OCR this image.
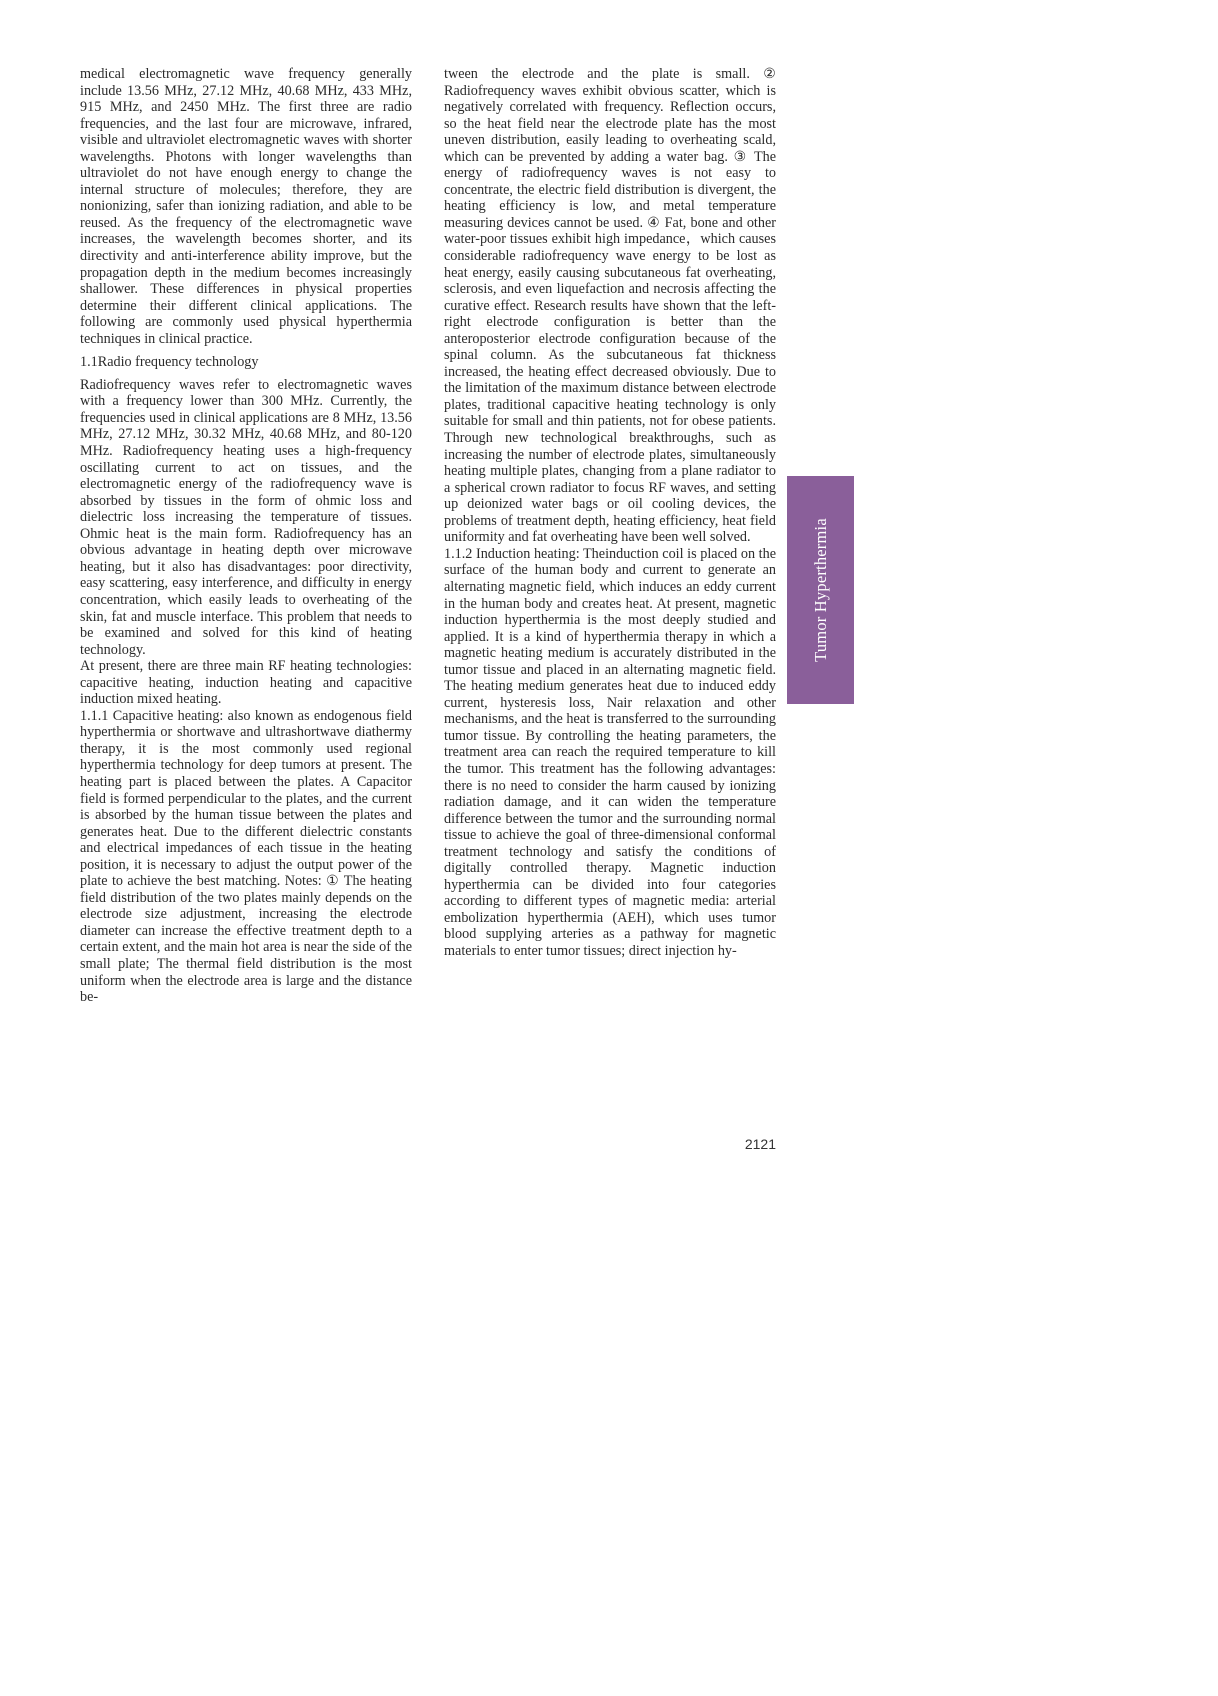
medical electromagnetic wave frequency generally include 13.56 MHz, 27.12 MHz, 40.68 MHz, 433 MHz, 915 MHz, and 2450 MHz. The first three are radio frequencies, and the last four are microwave, infrared, visible and ultraviolet electromagnetic waves with shorter wavelengths. Photons with longer wavelengths than ultraviolet do not have enough energy to change the internal structure of molecules; therefore, they are nonionizing, safer than ionizing radiation, and able to be reused. As the frequency of the electromagnetic wave increases, the wavelength becomes shorter, and its directivity and anti-interference ability improve, but the propagation depth in the medium becomes increasingly shallower. These differences in physical properties determine their different clinical applications. The following are commonly used physical hyperthermia techniques in clinical practice.

1.1Radio frequency technology

Radiofrequency waves refer to electromagnetic waves with a frequency lower than 300 MHz. Currently, the frequencies used in clinical applications are 8 MHz, 13.56 MHz, 27.12 MHz, 30.32 MHz, 40.68 MHz, and 80-120 MHz. Radiofrequency heating uses a high-frequency oscillating current to act on tissues, and the electromagnetic energy of the radiofrequency wave is absorbed by tissues in the form of ohmic loss and dielectric loss increasing the temperature of tissues. Ohmic heat is the main form. Radiofrequency has an obvious advantage in heating depth over microwave heating, but it also has disadvantages: poor directivity, easy scattering, easy interference, and difficulty in energy concentration, which easily leads to overheating of the skin, fat and muscle interface. This problem that needs to be examined and solved for this kind of heating technology.

At present, there are three main RF heating technologies: capacitive heating, induction heating and capacitive induction mixed heating.

1.1.1 Capacitive heating: also known as endogenous field hyperthermia or shortwave and ultrashortwave diathermy therapy, it is the most commonly used regional hyperthermia technology for deep tumors at present. The heating part is placed between the plates. A Capacitor field is formed perpendicular to the plates, and the current is absorbed by the human tissue between the plates and generates heat. Due to the different dielectric constants and electrical impedances of each tissue in the heating position, it is necessary to adjust the output power of the plate to achieve the best matching. Notes: ① The heating field distribution of the two plates mainly depends on the electrode size adjustment, increasing the electrode diameter can increase the effective treatment depth to a certain extent, and the main hot area is near the side of the small plate; The thermal field distribution is the most uniform when the electrode area is large and the distance be-

tween the electrode and the plate is small. ② Radiofrequency waves exhibit obvious scatter, which is negatively correlated with frequency. Reflection occurs, so the heat field near the electrode plate has the most uneven distribution, easily leading to overheating scald, which can be prevented by adding a water bag. ③ The energy of radiofrequency waves is not easy to concentrate, the electric field distribution is divergent, the heating efficiency is low, and metal temperature measuring devices cannot be used. ④ Fat, bone and other water-poor tissues exhibit high impedance，which causes considerable radiofrequency wave energy to be lost as heat energy, easily causing subcutaneous fat overheating, sclerosis, and even liquefaction and necrosis affecting the curative effect. Research results have shown that the left-right electrode configuration is better than the anteroposterior electrode configuration because of the spinal column. As the subcutaneous fat thickness increased, the heating effect decreased obviously. Due to the limitation of the maximum distance between electrode plates, traditional capacitive heating technology is only suitable for small and thin patients, not for obese patients. Through new technological breakthroughs, such as increasing the number of electrode plates, simultaneously heating multiple plates, changing from a plane radiator to a spherical crown radiator to focus RF waves, and setting up deionized water bags or oil cooling devices, the problems of treatment depth, heating efficiency, heat field uniformity and fat overheating have been well solved.

1.1.2 Induction heating: Theinduction coil is placed on the surface of the human body and current to generate an alternating magnetic field, which induces an eddy current in the human body and creates heat. At present, magnetic induction hyperthermia is the most deeply studied and applied. It is a kind of hyperthermia therapy in which a magnetic heating medium is accurately distributed in the tumor tissue and placed in an alternating magnetic field. The heating medium generates heat due to induced eddy current, hysteresis loss, Nair relaxation and other mechanisms, and the heat is transferred to the surrounding tumor tissue. By controlling the heating parameters, the treatment area can reach the required temperature to kill the tumor. This treatment has the following advantages: there is no need to consider the harm caused by ionizing radiation damage, and it can widen the temperature difference between the tumor and the surrounding normal tissue to achieve the goal of three-dimensional conformal treatment technology and satisfy the conditions of digitally controlled therapy. Magnetic induction hyperthermia can be divided into four categories according to different types of magnetic media: arterial embolization hyperthermia (AEH), which uses tumor blood supplying arteries as a pathway for magnetic materials to enter tumor tissues; direct injection hy-

Tumor Hyperthermia
2121
